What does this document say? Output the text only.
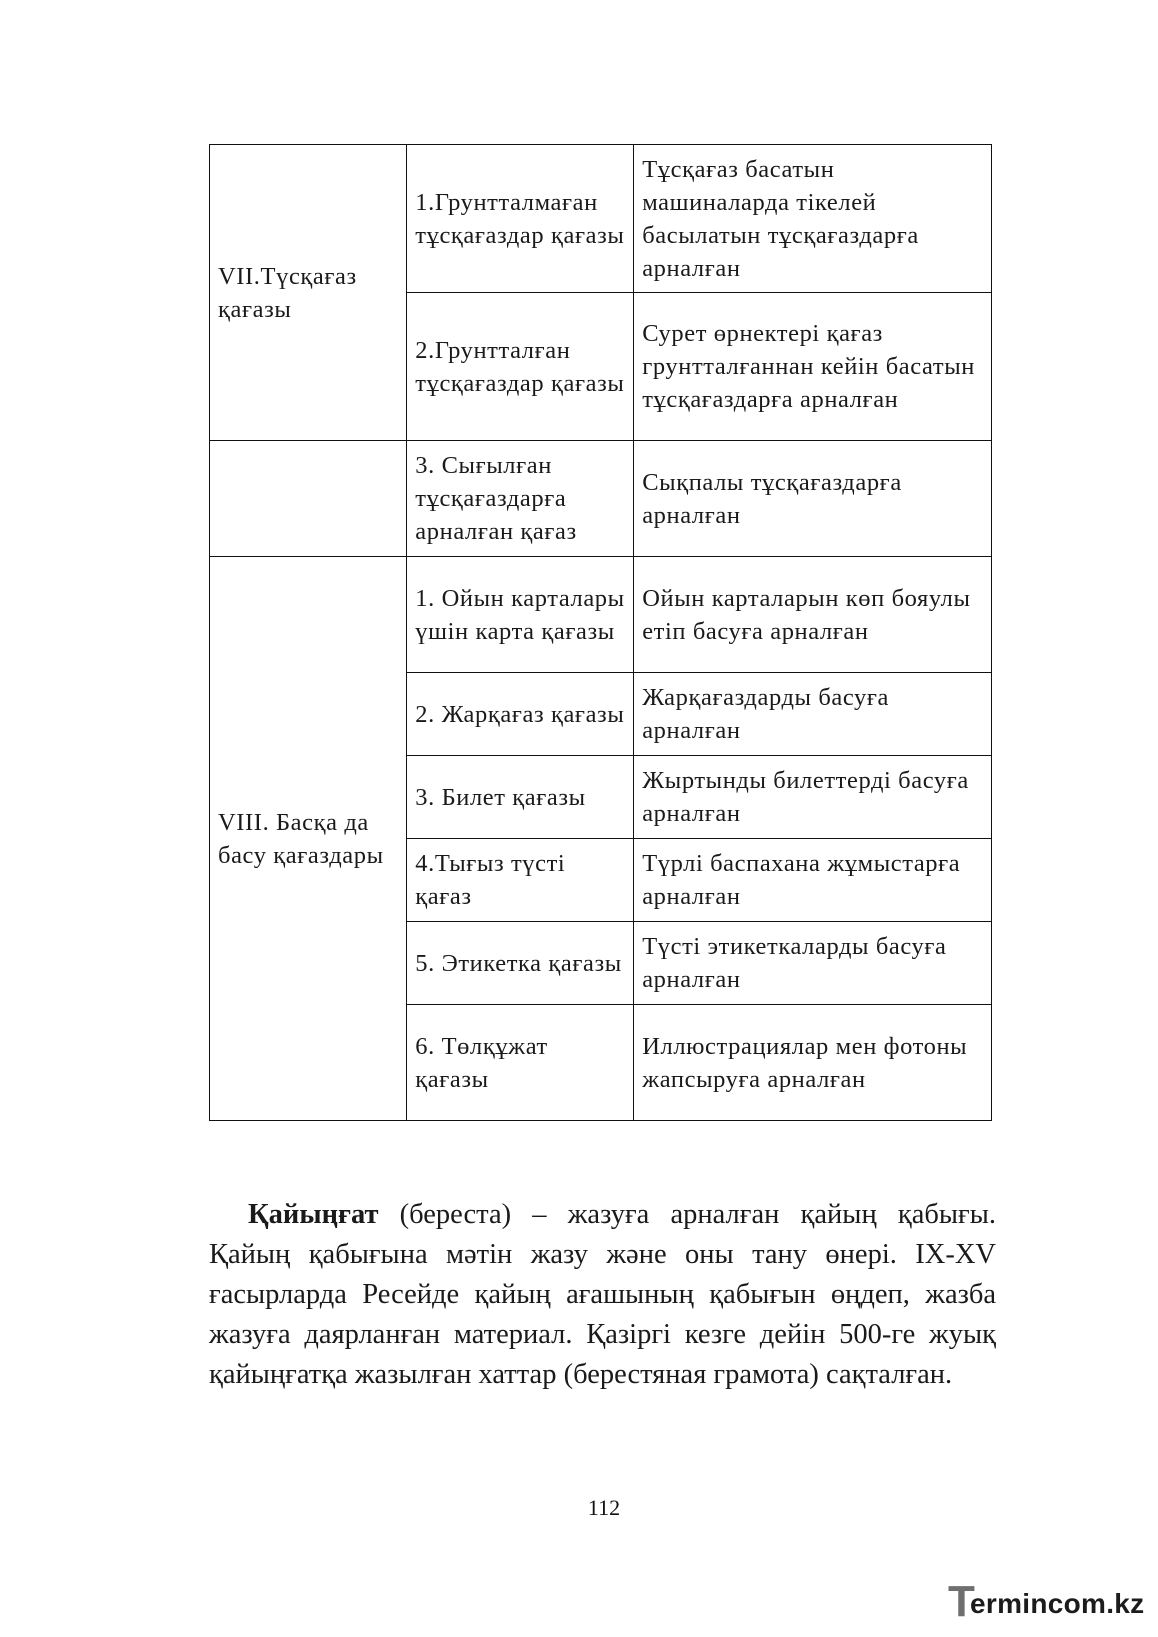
VII.Түсқағаз қағазы	1.Грунтталмаған тұсқағаздар қағазы	Тұсқағаз басатын машиналарда тікелей басылатын тұсқағаздарға арналған
	2.Грунтталған тұсқағаздар қағазы	Сурет өрнектері қағаз грунтталғаннан кейін басатын тұсқағаздарға арналған
	3. Сығылған тұсқағаздарға арналған қағаз	Сықпалы тұсқағаздарға арналған
VIII. Басқа да басу қағаздары	1. Ойын карталары үшін карта қағазы	Ойын карталарын көп бояулы етіп басуға арналған
	2. Жарқағаз қағазы	Жарқағаздарды басуға арналған
	3. Билет қағазы	Жыртынды билеттерді басуға арналған
	4.Тығыз түсті қағаз	Түрлі баспахана жұмыстарға арналған
	5. Этикетка қағазы	Түсті этикеткаларды басуға арналған
	6. Төлқұжат қағазы	Иллюстрациялар мен фотоны жапсыруға арналған
Қайыңғат (береста) – жазуға арналған қайың қабығы. Қайың қабығына мәтін жазу және оны тану өнері. IX-XV ғасырларда Ресейде қайың ағашының қабығын өңдеп, жазба жазуға даярланған материал. Қазіргі кезге дейін 500-ге жуық қайыңғатқа жазылған хаттар (берестяная грамота) сақталған.
112
T
ermincom.kz
